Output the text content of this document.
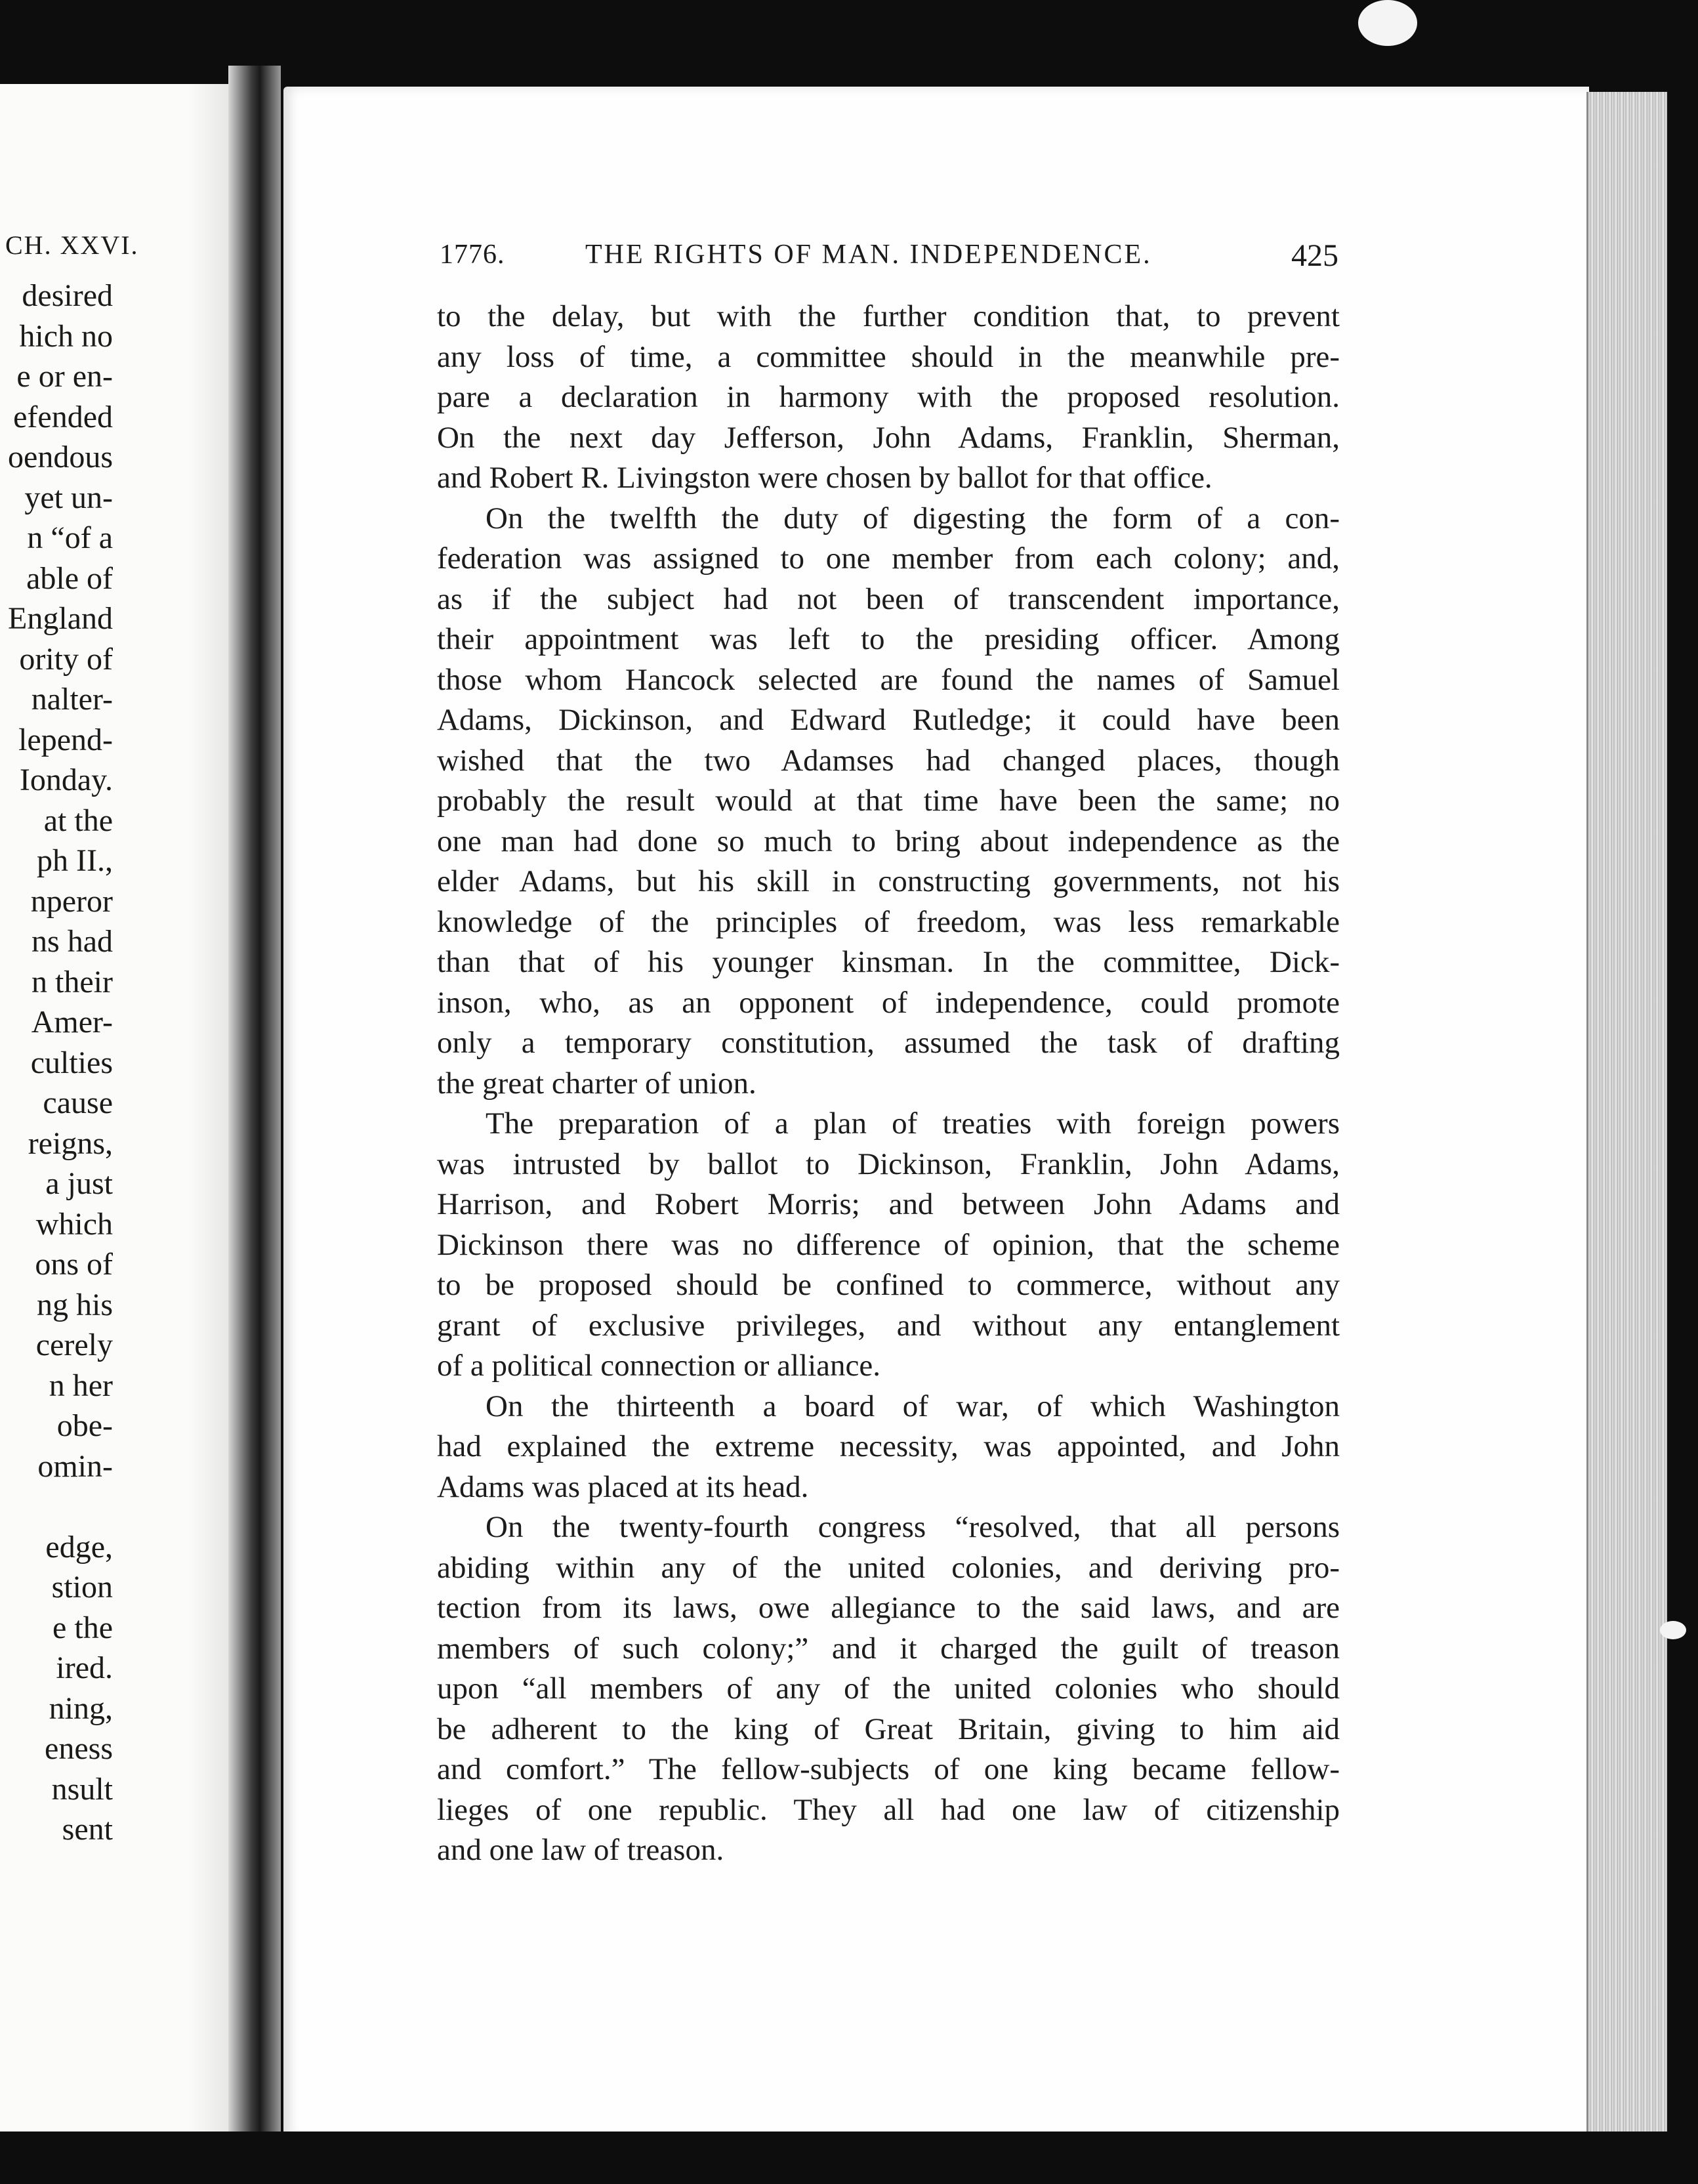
CH. XXVI.
desired
hich no
e or en-
efended
oendous
yet un-
n “of a
able of
England
ority of
nalter-
lepend-
Ionday.
at the
ph II.,
nperor
ns had
n their
Amer-
culties
cause
reigns,
a just
which
ons of
ng his
cerely
n her
obe-
omin-

edge,
stion
e the
ired.
ning,
eness
nsult
sent
1776.	THE RIGHTS OF MAN. INDEPENDENCE.	425
to the delay, but with the further condition that, to prevent
any loss of time, a committee should in the meanwhile pre-
pare a declaration in harmony with the proposed resolution.
On the next day Jefferson, John Adams, Franklin, Sherman,
and Robert R. Livingston were chosen by ballot for that office.
On the twelfth the duty of digesting the form of a con-
federation was assigned to one member from each colony; and,
as if the subject had not been of transcendent importance,
their appointment was left to the presiding officer. Among
those whom Hancock selected are found the names of Samuel
Adams, Dickinson, and Edward Rutledge; it could have been
wished that the two Adamses had changed places, though
probably the result would at that time have been the same; no
one man had done so much to bring about independence as the
elder Adams, but his skill in constructing governments, not his
knowledge of the principles of freedom, was less remarkable
than that of his younger kinsman. In the committee, Dick-
inson, who, as an opponent of independence, could promote
only a temporary constitution, assumed the task of drafting
the great charter of union.
The preparation of a plan of treaties with foreign powers
was intrusted by ballot to Dickinson, Franklin, John Adams,
Harrison, and Robert Morris; and between John Adams and
Dickinson there was no difference of opinion, that the scheme
to be proposed should be confined to commerce, without any
grant of exclusive privileges, and without any entanglement
of a political connection or alliance.
On the thirteenth a board of war, of which Washington
had explained the extreme necessity, was appointed, and John
Adams was placed at its head.
On the twenty-fourth congress “resolved, that all persons
abiding within any of the united colonies, and deriving pro-
tection from its laws, owe allegiance to the said laws, and are
members of such colony;” and it charged the guilt of treason
upon “all members of any of the united colonies who should
be adherent to the king of Great Britain, giving to him aid
and comfort.” The fellow-subjects of one king became fellow-
lieges of one republic. They all had one law of citizenship
and one law of treason.
